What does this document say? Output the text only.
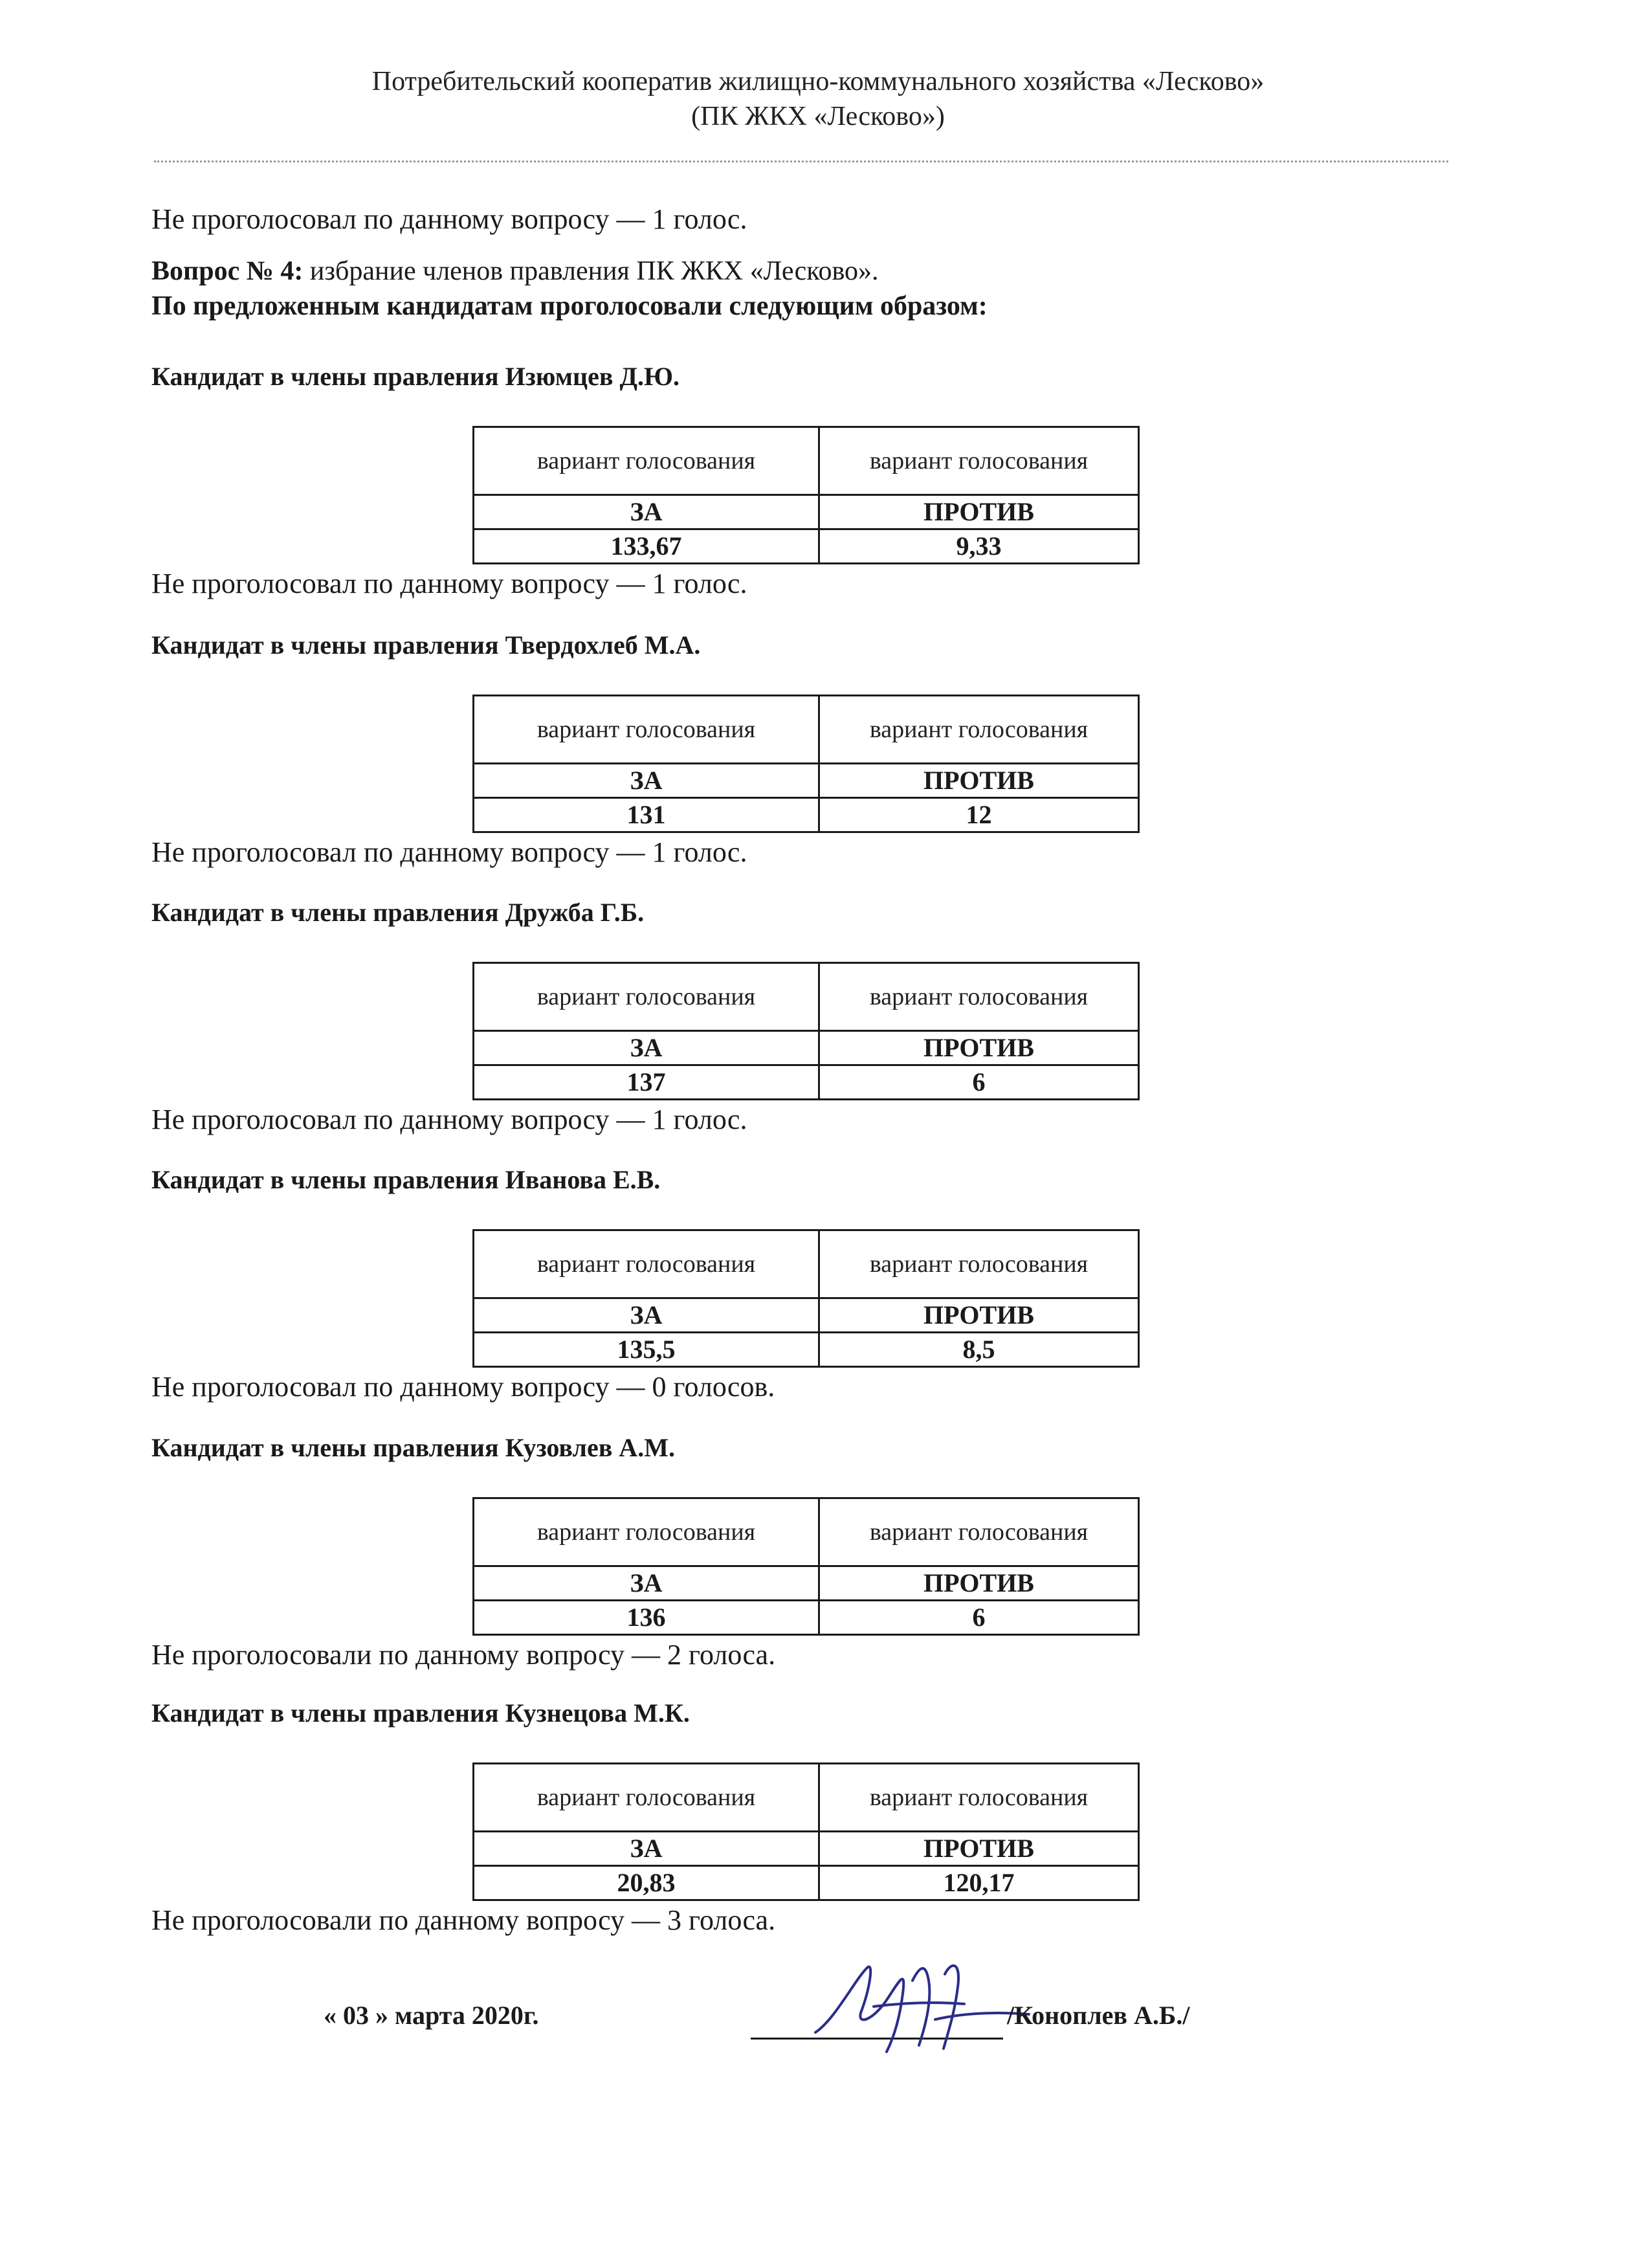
Потребительский кооператив жилищно-коммунального хозяйства «Лесково»
(ПК ЖКХ «Лесково»)
Не проголосовал по данному вопросу — 1 голос.
Вопрос № 4: избрание членов правления ПК ЖКХ «Лесково».
По предложенным кандидатам проголосовали следующим образом:
Кандидат в члены правления Изюмцев Д.Ю.
вариант голосования	вариант голосования
ЗА	ПРОТИВ
133,67	9,33
Не проголосовал по данному вопросу — 1 голос.
Кандидат в члены правления Твердохлеб М.А.
вариант голосования	вариант голосования
ЗА	ПРОТИВ
131	12
Не проголосовал по данному вопросу — 1 голос.
Кандидат в члены правления Дружба Г.Б.
вариант голосования	вариант голосования
ЗА	ПРОТИВ
137	6
Не проголосовал по данному вопросу — 1 голос.
Кандидат в члены правления Иванова Е.В.
вариант голосования	вариант голосования
ЗА	ПРОТИВ
135,5	8,5
Не проголосовал по данному вопросу — 0 голосов.
Кандидат в члены правления Кузовлев А.М.
вариант голосования	вариант голосования
ЗА	ПРОТИВ
136	6
Не проголосовали по данному вопросу — 2 голоса.
Кандидат в члены правления Кузнецова М.К.
вариант голосования	вариант голосования
ЗА	ПРОТИВ
20,83	120,17
Не проголосовали по данному вопросу — 3 голоса.
« 03 » марта 2020г.	/Коноплев А.Б./
